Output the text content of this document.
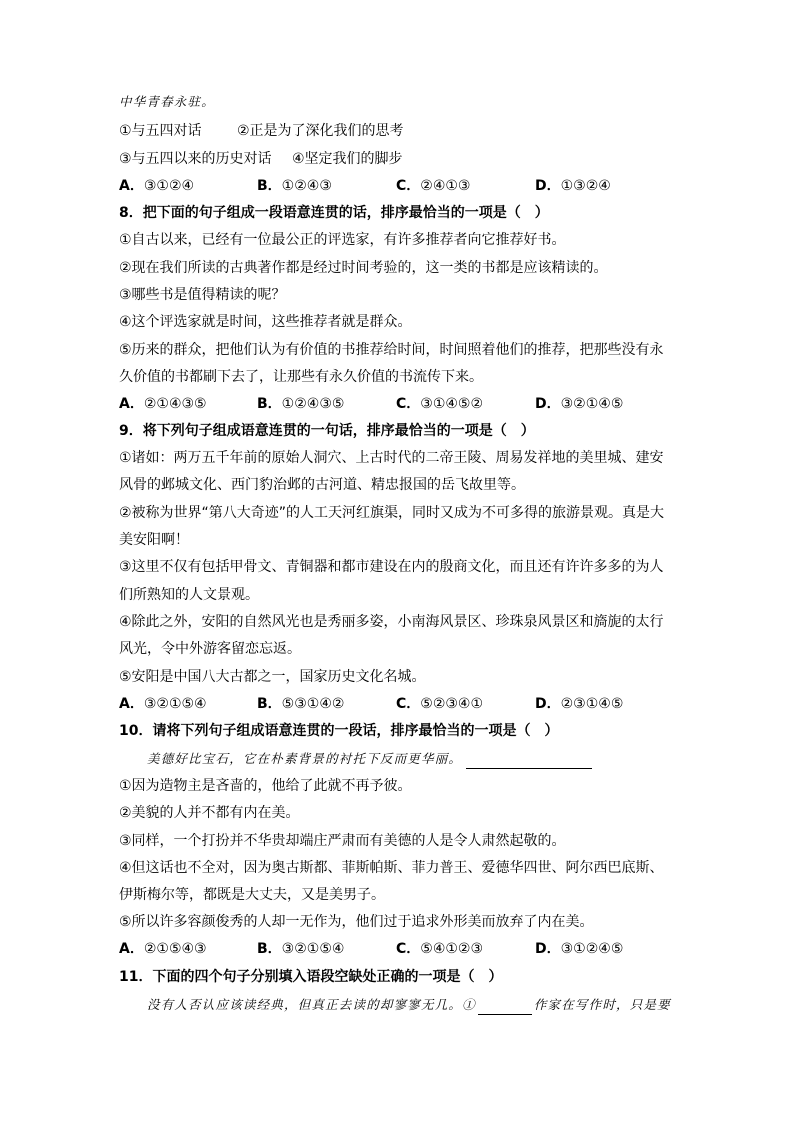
中华青春永驻。
①与五四对话	②正是为了深化我们的思考
③与五四以来的历史对话 ④坚定我们的脚步
A．③①②④	B．①②④③	C．②④①③	D．①③②④
8．把下面的句子组成一段语意连贯的话，排序最恰当的一项是（　）
①自古以来，已经有一位最公正的评选家，有许多推荐者向它推荐好书。
②现在我们所读的古典著作都是经过时间考验的，这一类的书都是应该精读的。
③哪些书是值得精读的呢？
④这个评选家就是时间，这些推荐者就是群众。
⑤历来的群众，把他们认为有价值的书推荐给时间，时间照着他们的推荐，把那些没有永
久价值的书都刷下去了，让那些有永久价值的书流传下来。
A．②①④③⑤	B．①②④③⑤	C．③①④⑤②	D．③②①④⑤
9．将下列句子组成语意连贯的一句话，排序最恰当的一项是（　）
①诸如：两万五千年前的原始人洞穴、上古时代的二帝王陵、周易发祥地的美里城、建安
风骨的邺城文化、西门豹治邺的古河道、精忠报国的岳飞故里等。
②被称为世界“第八大奇迹”的人工天河红旗渠，同时又成为不可多得的旅游景观。真是大
美安阳啊！
③这里不仅有包括甲骨文、青铜器和都市建设在内的殷商文化，而且还有许许多多的为人
们所熟知的人文景观。
④除此之外，安阳的自然风光也是秀丽多姿，小南海风景区、珍珠泉风景区和旖旎的太行
风光，令中外游客留恋忘返。
⑤安阳是中国八大古都之一，国家历史文化名城。
A．③②①⑤④	B．⑤③①④②	C．⑤②③④①	D．②③①④⑤
10．请将下列句子组成语意连贯的一段话，排序最恰当的一项是（　）
美德好比宝石，它在朴素背景的衬托下反而更华丽。
①因为造物主是吝啬的，他给了此就不再予彼。
②美貌的人并不都有内在美。
③同样，一个打扮并不华贵却端庄严肃而有美德的人是令人肃然起敬的。
④但这话也不全对，因为奥古斯都、菲斯帕斯、菲力普王、爱德华四世、阿尔西巴底斯、
伊斯梅尔等，都既是大丈夫，又是美男子。
⑤所以许多容颜俊秀的人却一无作为，他们过于追求外形美而放弃了内在美。
A．②①⑤④③	B．③②①⑤④	C．⑤④①②③	D．③①②④⑤
11．下面的四个句子分别填入语段空缺处正确的一项是（　）
没有人否认应该读经典，但真正去读的却寥寥无几。①	作家在写作时，只是要
